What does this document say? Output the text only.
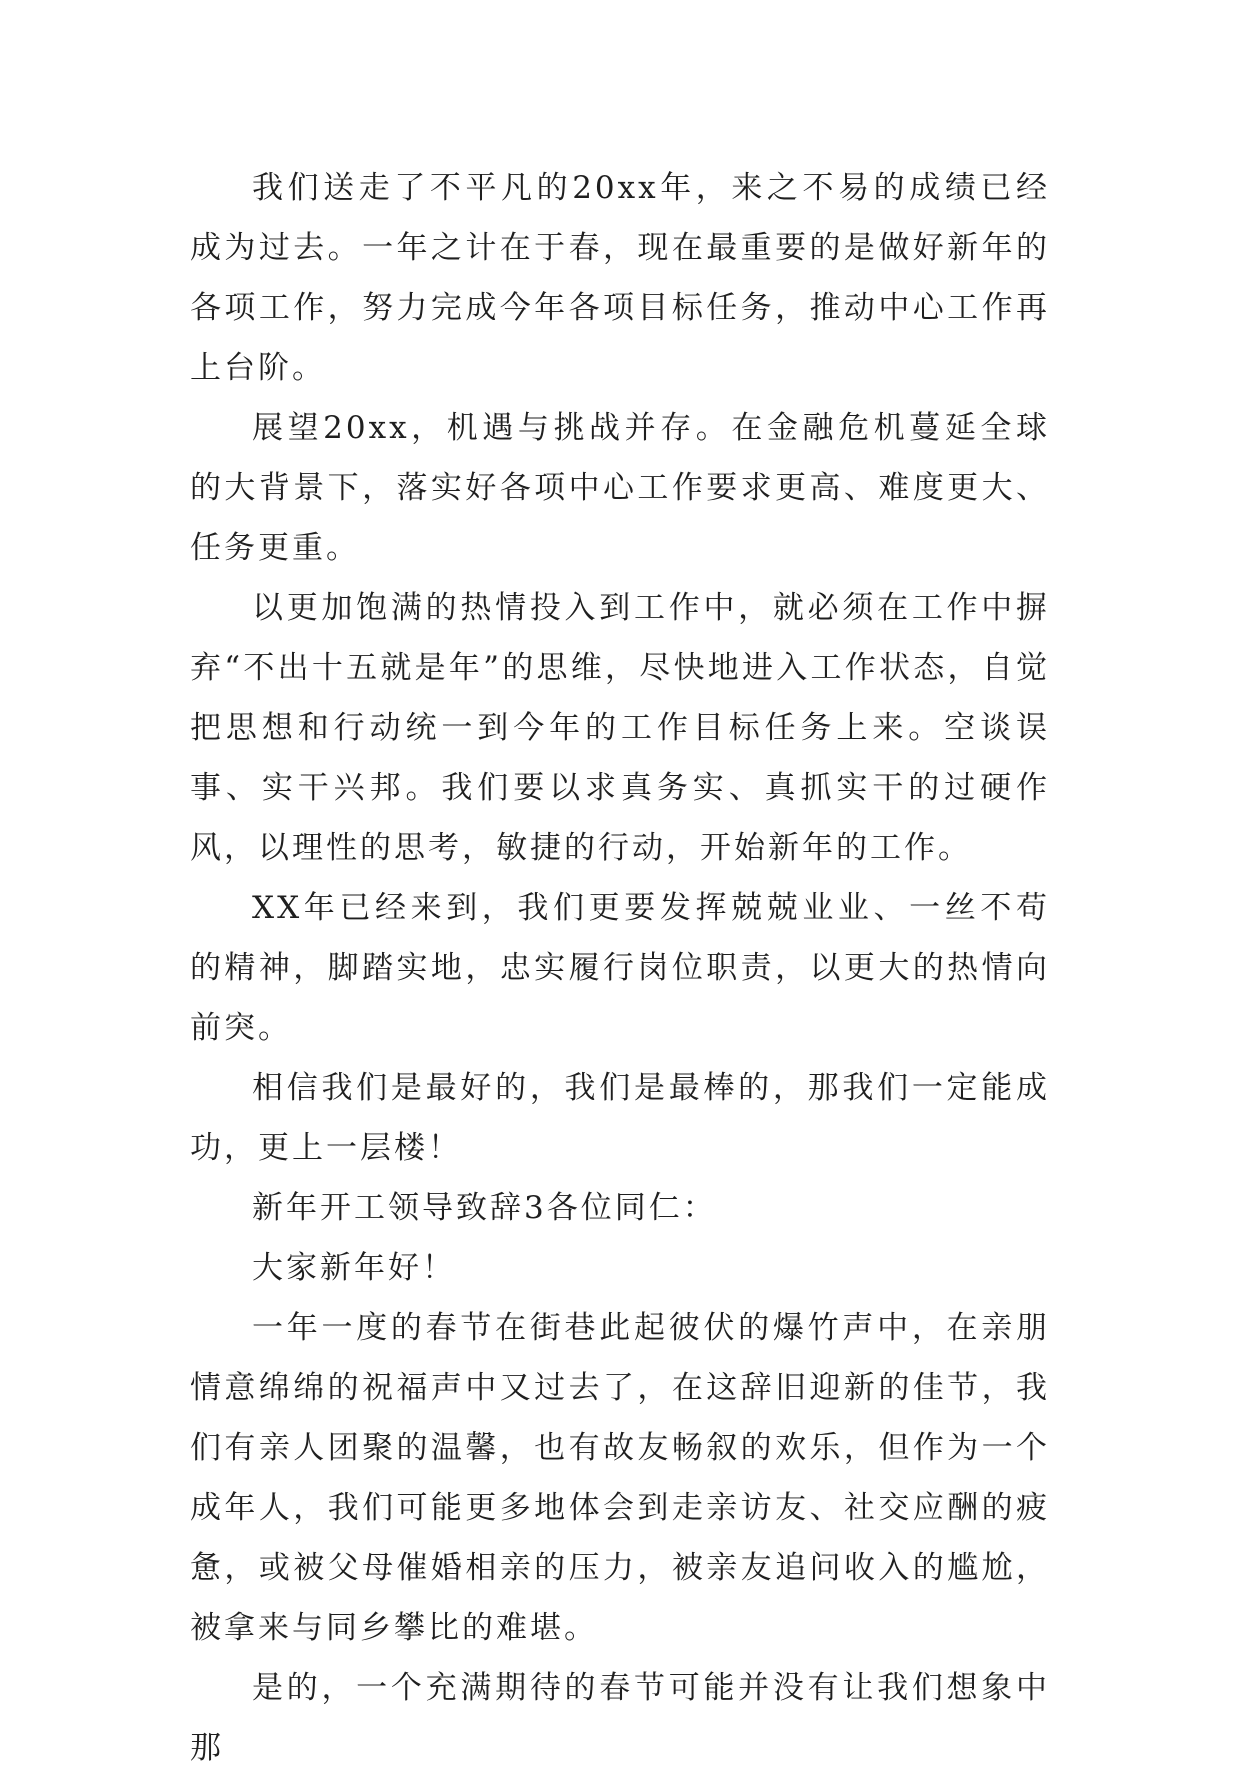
我们送走了不平凡的20xx年，来之不易的成绩已经成为过去。一年之计在于春，现在最重要的是做好新年的各项工作，努力完成今年各项目标任务，推动中心工作再上台阶。

展望20xx，机遇与挑战并存。在金融危机蔓延全球的大背景下，落实好各项中心工作要求更高、难度更大、任务更重。

以更加饱满的热情投入到工作中，就必须在工作中摒弃“不出十五就是年”的思维，尽快地进入工作状态，自觉把思想和行动统一到今年的工作目标任务上来。空谈误事、实干兴邦。我们要以求真务实、真抓实干的过硬作风，以理性的思考，敏捷的行动，开始新年的工作。

XX年已经来到，我们更要发挥兢兢业业、一丝不苟的精神，脚踏实地，忠实履行岗位职责，以更大的热情向前突。

相信我们是最好的，我们是最棒的，那我们一定能成功，更上一层楼！

新年开工领导致辞3各位同仁：

大家新年好！

一年一度的春节在街巷此起彼伏的爆竹声中，在亲朋情意绵绵的祝福声中又过去了，在这辞旧迎新的佳节，我们有亲人团聚的温馨，也有故友畅叙的欢乐，但作为一个成年人，我们可能更多地体会到走亲访友、社交应酬的疲惫，或被父母催婚相亲的压力，被亲友追问收入的尴尬，被拿来与同乡攀比的难堪。

是的，一个充满期待的春节可能并没有让我们想象中那
